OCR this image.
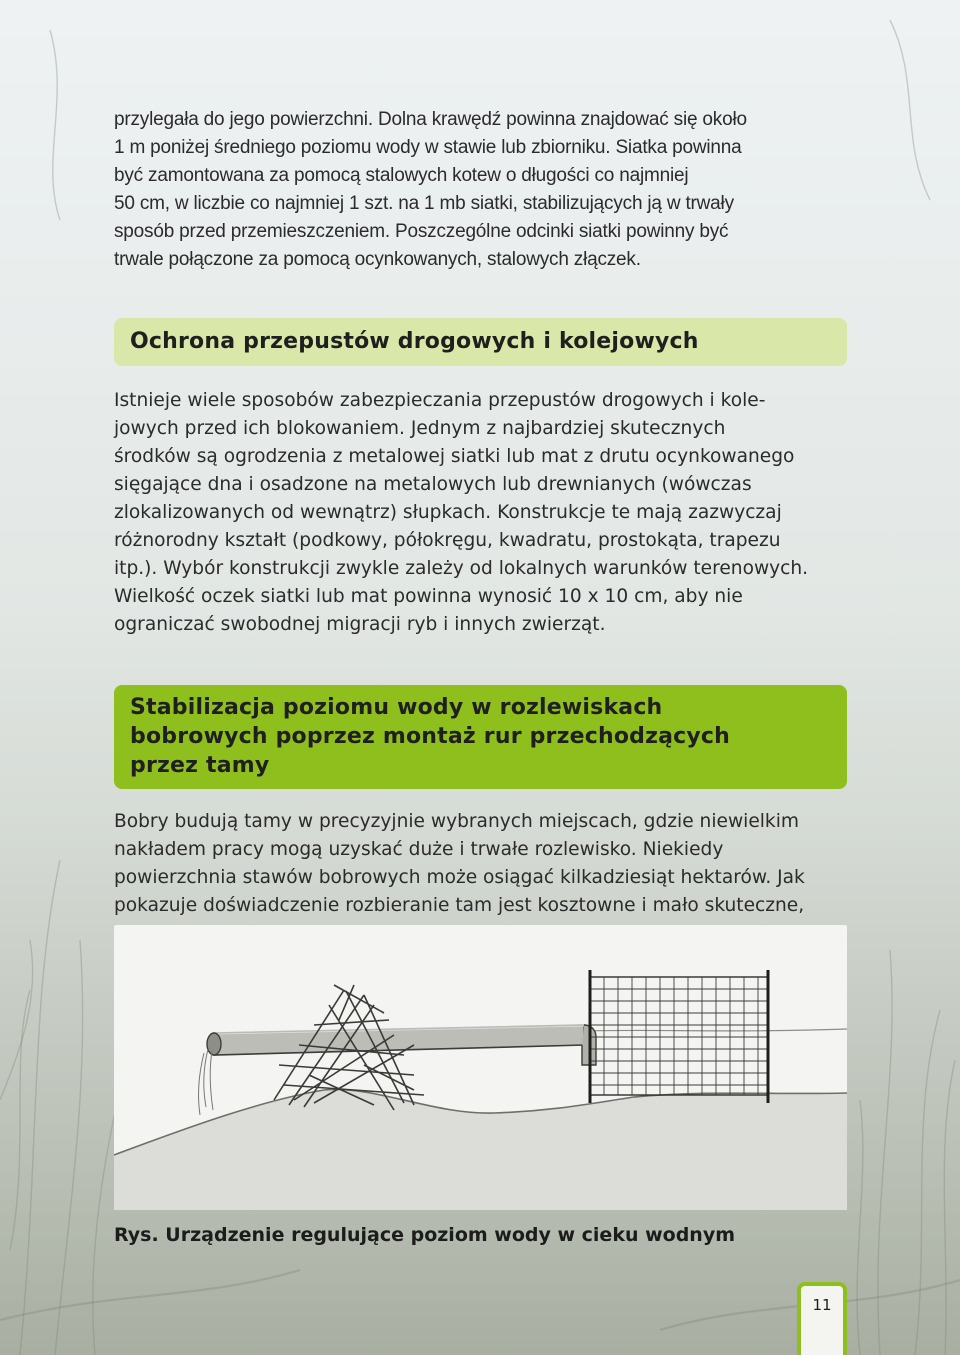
przylegała do jego powierzchni. Dolna krawędź powinna znajdować się około
1 m poniżej średniego poziomu wody w stawie lub zbiorniku. Siatka powinna
być zamontowana za pomocą stalowych kotew o długości co najmniej
50 cm, w liczbie co najmniej 1 szt. na 1 mb siatki, stabilizujących ją w trwały
sposób przed przemieszczeniem. Poszczególne odcinki siatki powinny być
trwale połączone za pomocą ocynkowanych, stalowych złączek.
Ochrona przepustów drogowych i kolejowych
Istnieje wiele sposobów zabezpieczania przepustów drogowych i kole-
jowych przed ich blokowaniem. Jednym z najbardziej skutecznych
środków są ogrodzenia z metalowej siatki lub mat z drutu ocynkowanego
sięgające dna i osadzone na metalowych lub drewnianych (wówczas
zlokalizowanych od wewnątrz) słupkach. Konstrukcje te mają zazwyczaj
różnorodny kształt (podkowy, półokręgu, kwadratu, prostokąta, trapezu
itp.). Wybór konstrukcji zwykle zależy od lokalnych warunków terenowych.
Wielkość oczek siatki lub mat powinna wynosić 10 x 10 cm, aby nie
ograniczać swobodnej migracji ryb i innych zwierząt.
Stabilizacja poziomu wody w rozlewiskach
bobrowych poprzez montaż rur przechodzących
przez tamy
Bobry budują tamy w precyzyjnie wybranych miejscach, gdzie niewielkim
nakładem pracy mogą uzyskać duże i trwałe rozlewisko. Niekiedy
powierzchnia stawów bobrowych może osiągać kilkadziesiąt hektarów. Jak
pokazuje doświadczenie rozbieranie tam jest kosztowne i mało skuteczne,
Rys. Urządzenie regulujące poziom wody w cieku wodnym
11
